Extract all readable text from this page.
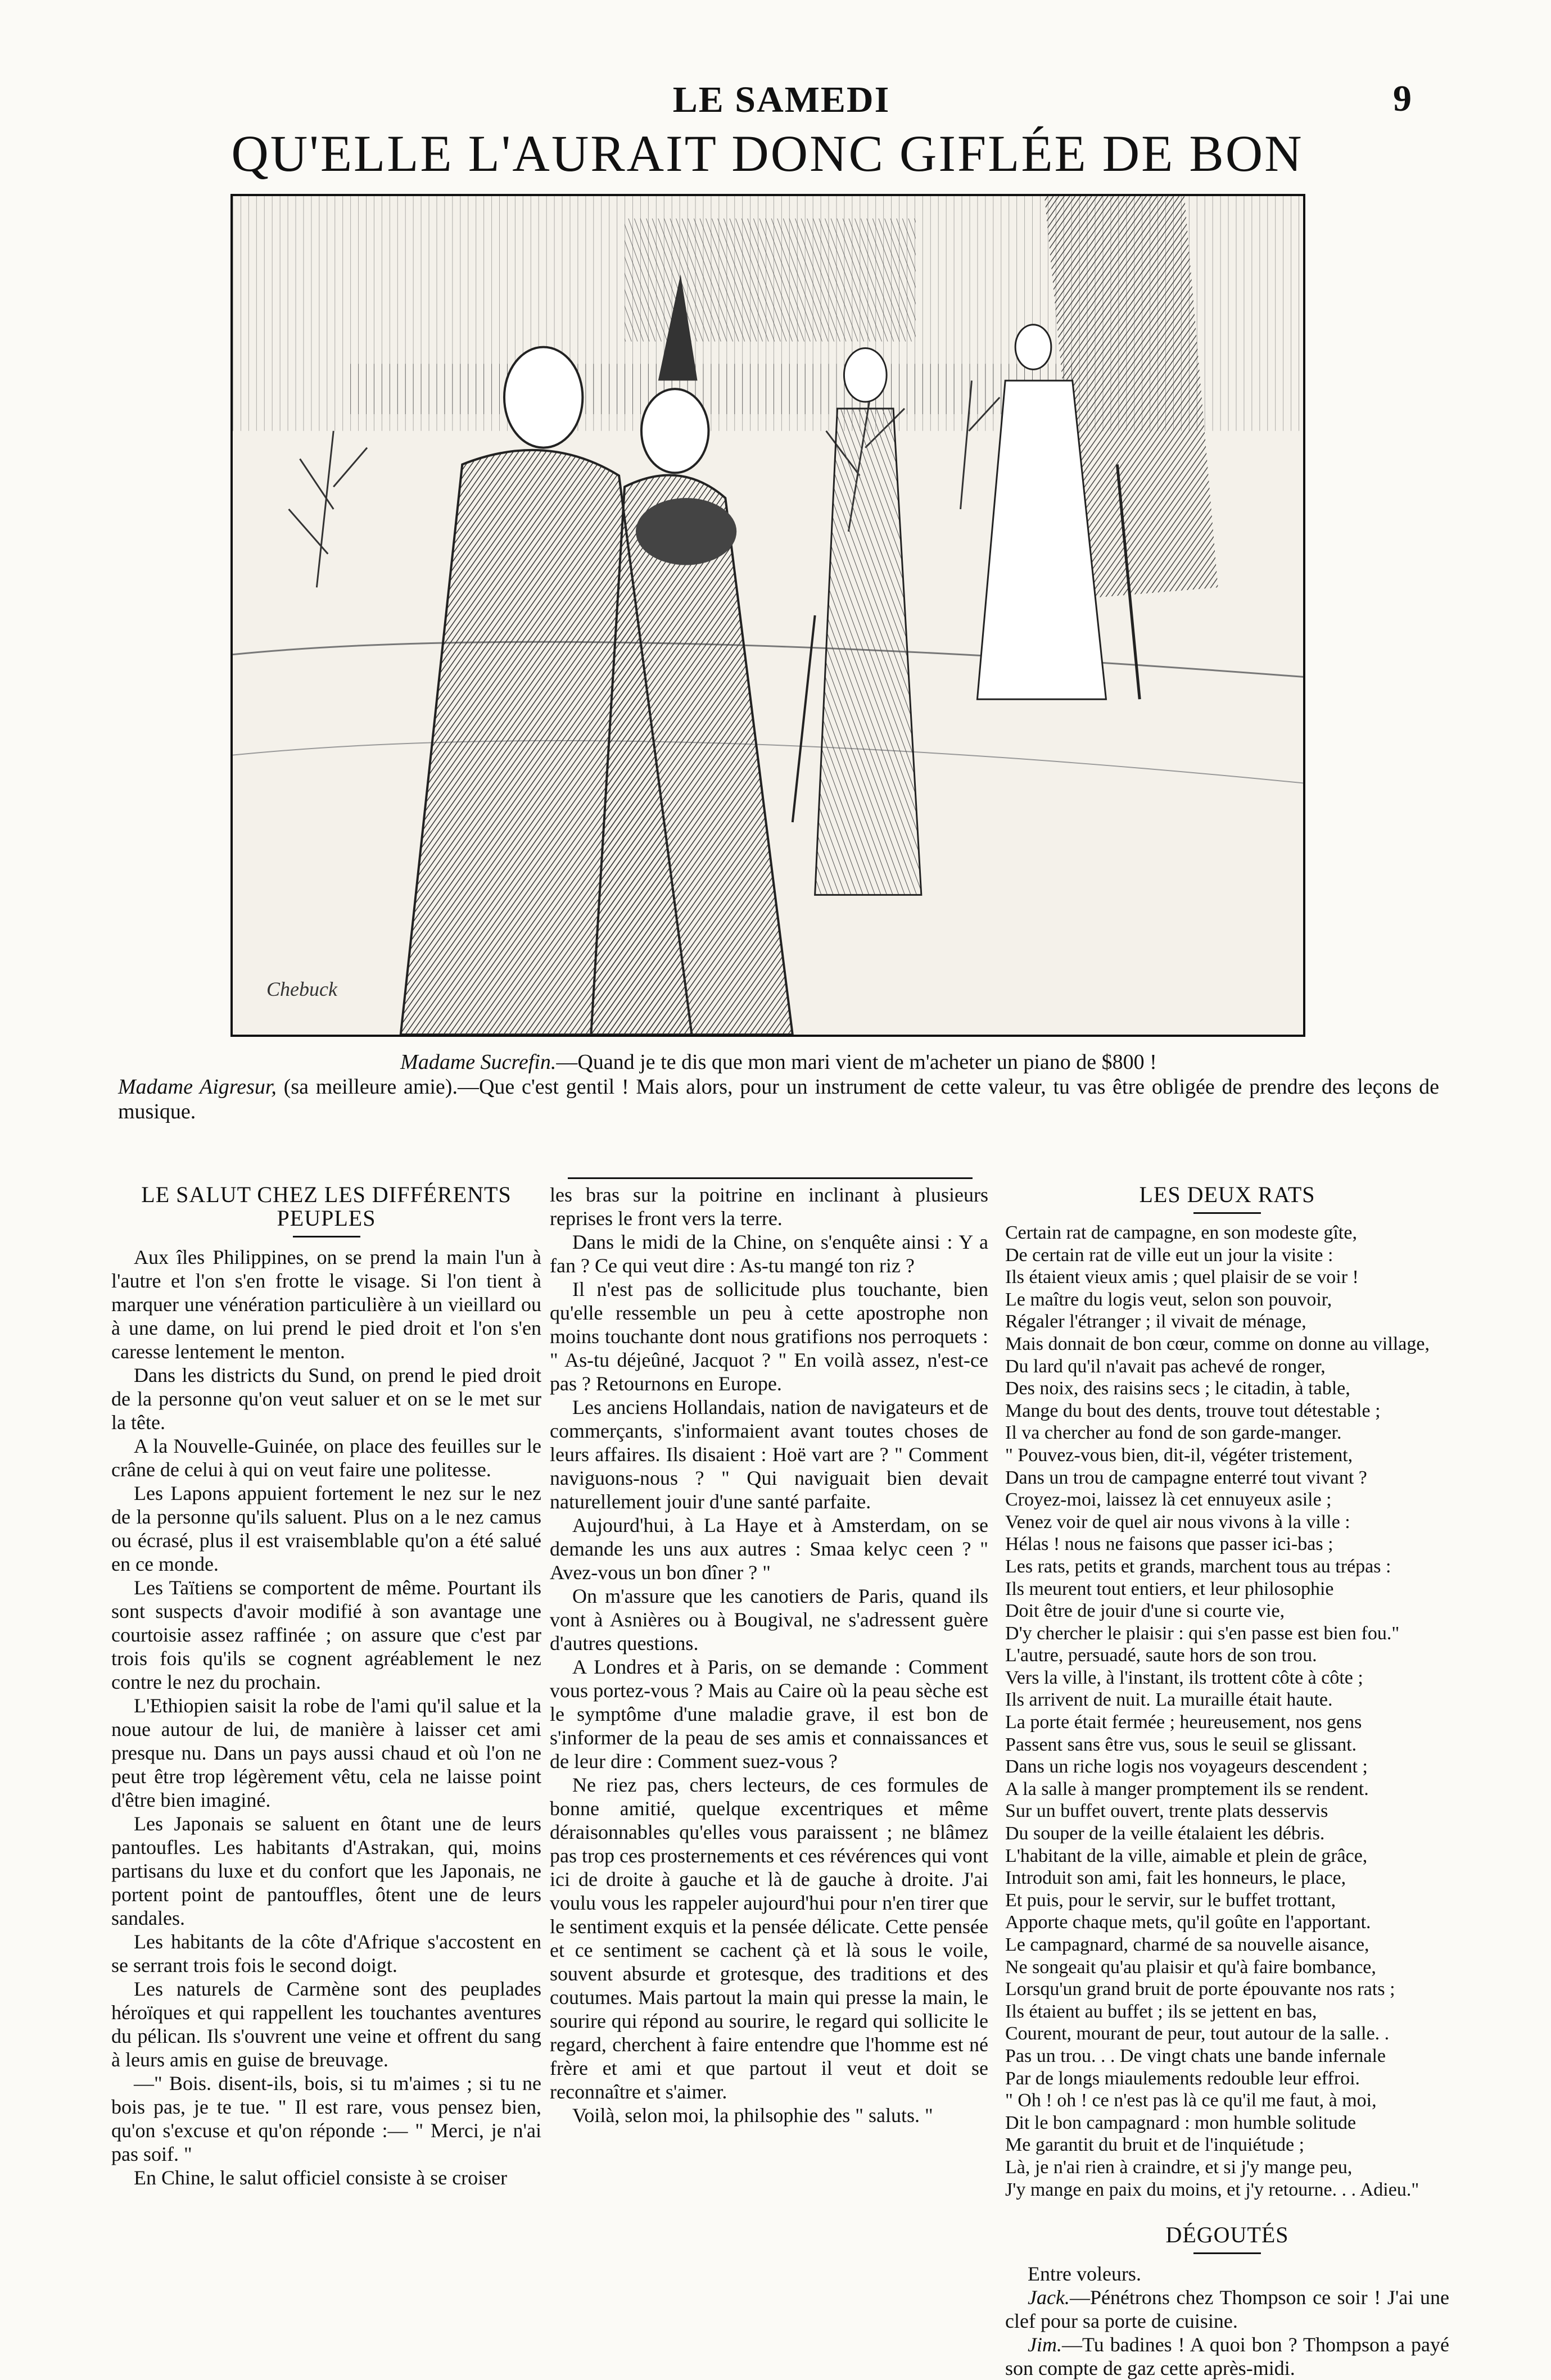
LE SAMEDI	9
QU'ELLE L'AURAIT DONC GIFLÉE DE BON
Chebuck

Madame Sucrefin.—Quand je te dis que mon mari vient de m'acheter un piano de $800 !

Madame Aigresur, (sa meilleure amie).—Que c'est gentil ! Mais alors, pour un instrument de cette valeur, tu vas être obligée de prendre des leçons de musique.

LE SALUT CHEZ LES DIFFÉRENTS PEUPLES

Aux îles Philippines, on se prend la main l'un à l'autre et l'on s'en frotte le visage. Si l'on tient à marquer une vénération particulière à un vieillard ou à une dame, on lui prend le pied droit et l'on s'en caresse lentement le menton.

Dans les districts du Sund, on prend le pied droit de la personne qu'on veut saluer et on se le met sur la tête.

A la Nouvelle-Guinée, on place des feuilles sur le crâne de celui à qui on veut faire une politesse.

Les Lapons appuient fortement le nez sur le nez de la personne qu'ils saluent. Plus on a le nez camus ou écrasé, plus il est vraisemblable qu'on a été salué en ce monde.

Les Taïtiens se comportent de même. Pourtant ils sont suspects d'avoir modifié à son avantage une courtoisie assez raffinée ; on assure que c'est par trois fois qu'ils se cognent agréablement le nez contre le nez du prochain.

L'Ethiopien saisit la robe de l'ami qu'il salue et la noue autour de lui, de manière à laisser cet ami presque nu. Dans un pays aussi chaud et où l'on ne peut être trop légèrement vêtu, cela ne laisse point d'être bien imaginé.

Les Japonais se saluent en ôtant une de leurs pantoufles. Les habitants d'Astrakan, qui, moins partisans du luxe et du confort que les Japonais, ne portent point de pantouffles, ôtent une de leurs sandales.

Les habitants de la côte d'Afrique s'accostent en se serrant trois fois le second doigt.

Les naturels de Carmène sont des peuplades héroïques et qui rappellent les touchantes aventures du pélican. Ils s'ouvrent une veine et offrent du sang à leurs amis en guise de breuvage.

—" Bois. disent-ils, bois, si tu m'aimes ; si tu ne bois pas, je te tue. " Il est rare, vous pensez bien, qu'on s'excuse et qu'on réponde :— " Merci, je n'ai pas soif. "

En Chine, le salut officiel consiste à se croiser

les bras sur la poitrine en inclinant à plusieurs reprises le front vers la terre.

Dans le midi de la Chine, on s'enquête ainsi : Y a fan ? Ce qui veut dire : As-tu mangé ton riz ?

Il n'est pas de sollicitude plus touchante, bien qu'elle ressemble un peu à cette apostrophe non moins touchante dont nous gratifions nos perroquets : " As-tu déjeûné, Jacquot ? " En voilà assez, n'est-ce pas ? Retournons en Europe.

Les anciens Hollandais, nation de navigateurs et de commerçants, s'informaient avant toutes choses de leurs affaires. Ils disaient : Hoë vart are ? " Comment naviguons-nous ? " Qui naviguait bien devait naturellement jouir d'une santé parfaite.

Aujourd'hui, à La Haye et à Amsterdam, on se demande les uns aux autres : Smaa kelyc ceen ? " Avez-vous un bon dîner ? "

On m'assure que les canotiers de Paris, quand ils vont à Asnières ou à Bougival, ne s'adressent guère d'autres questions.

A Londres et à Paris, on se demande : Comment vous portez-vous ? Mais au Caire où la peau sèche est le symptôme d'une maladie grave, il est bon de s'informer de la peau de ses amis et connaissances et de leur dire : Comment suez-vous ?

Ne riez pas, chers lecteurs, de ces formules de bonne amitié, quelque excentriques et même déraisonnables qu'elles vous paraissent ; ne blâmez pas trop ces prosternements et ces révérences qui vont ici de droite à gauche et là de gauche à droite. J'ai voulu vous les rappeler aujourd'hui pour n'en tirer que le sentiment exquis et la pensée délicate. Cette pensée et ce sentiment se cachent çà et là sous le voile, souvent absurde et grotesque, des traditions et des coutumes. Mais partout la main qui presse la main, le sourire qui répond au sourire, le regard qui sollicite le regard, cherchent à faire entendre que l'homme est né frère et ami et que partout il veut et doit se reconnaître et s'aimer.

Voilà, selon moi, la philsophie des " saluts. "

LES DEUX RATS

Certain rat de campagne, en son modeste gîte,

De certain rat de ville eut un jour la visite :

Ils étaient vieux amis ; quel plaisir de se voir !

Le maître du logis veut, selon son pouvoir,

Régaler l'étranger ; il vivait de ménage,

Mais donnait de bon cœur, comme on donne au village,

Du lard qu'il n'avait pas achevé de ronger,

Des noix, des raisins secs ; le citadin, à table,

Mange du bout des dents, trouve tout détestable ;

Il va chercher au fond de son garde-manger.

" Pouvez-vous bien, dit-il, végéter tristement,

Dans un trou de campagne enterré tout vivant ?

Croyez-moi, laissez là cet ennuyeux asile ;

Venez voir de quel air nous vivons à la ville :

Hélas ! nous ne faisons que passer ici-bas ;

Les rats, petits et grands, marchent tous au trépas :

Ils meurent tout entiers, et leur philosophie

Doit être de jouir d'une si courte vie,

D'y chercher le plaisir : qui s'en passe est bien fou."

L'autre, persuadé, saute hors de son trou.

Vers la ville, à l'instant, ils trottent côte à côte ;

Ils arrivent de nuit. La muraille était haute.

La porte était fermée ; heureusement, nos gens

Passent sans être vus, sous le seuil se glissant.

Dans un riche logis nos voyageurs descendent ;

A la salle à manger promptement ils se rendent.

Sur un buffet ouvert, trente plats desservis

Du souper de la veille étalaient les débris.

L'habitant de la ville, aimable et plein de grâce,

Introduit son ami, fait les honneurs, le place,

Et puis, pour le servir, sur le buffet trottant,

Apporte chaque mets, qu'il goûte en l'apportant.

Le campagnard, charmé de sa nouvelle aisance,

Ne songeait qu'au plaisir et qu'à faire bombance,

Lorsqu'un grand bruit de porte épouvante nos rats ;

Ils étaient au buffet ; ils se jettent en bas,

Courent, mourant de peur, tout autour de la salle. .

Pas un trou. . . De vingt chats une bande infernale

Par de longs miaulements redouble leur effroi.

" Oh ! oh ! ce n'est pas là ce qu'il me faut, à moi,

Dit le bon campagnard : mon humble solitude

Me garantit du bruit et de l'inquiétude ;

Là, je n'ai rien à craindre, et si j'y mange peu,

J'y mange en paix du moins, et j'y retourne. . . Adieu."

DÉGOUTÉS

Entre voleurs.

Jack.—Pénétrons chez Thompson ce soir ! J'ai une clef pour sa porte de cuisine.

Jim.—Tu badines ! A quoi bon ? Thompson a payé son compte de gaz cette après-midi.
